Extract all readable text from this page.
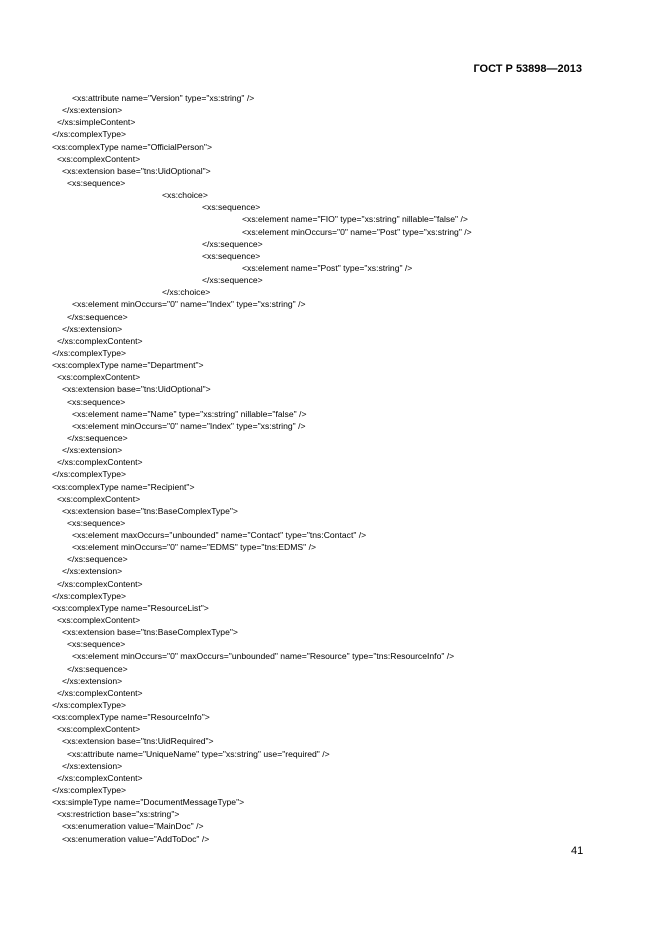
ГОСТ Р 53898—2013
<xs:attribute name="Version" type="xs:string" />
</xs:extension>
</xs:simpleContent>
</xs:complexType>
<xs:complexType name="OfficialPerson">
<xs:complexContent>
<xs:extension base="tns:UidOptional">
<xs:sequence>
<xs:choice>
<xs:sequence>
<xs:element name="FIO" type="xs:string" nillable="false" />
<xs:element minOccurs="0" name="Post" type="xs:string" />
</xs:sequence>
<xs:sequence>
<xs:element name="Post" type="xs:string" />
</xs:sequence>
</xs:choice>
<xs:element minOccurs="0" name="Index" type="xs:string" />
</xs:sequence>
</xs:extension>
</xs:complexContent>
</xs:complexType>
<xs:complexType name="Department">
<xs:complexContent>
<xs:extension base="tns:UidOptional">
<xs:sequence>
<xs:element name="Name" type="xs:string" nillable="false" />
<xs:element minOccurs="0" name="Index" type="xs:string" />
</xs:sequence>
</xs:extension>
</xs:complexContent>
</xs:complexType>
<xs:complexType name="Recipient">
<xs:complexContent>
<xs:extension base="tns:BaseComplexType">
<xs:sequence>
<xs:element maxOccurs="unbounded" name="Contact" type="tns:Contact" />
<xs:element minOccurs="0" name="EDMS" type="tns:EDMS" />
</xs:sequence>
</xs:extension>
</xs:complexContent>
</xs:complexType>
<xs:complexType name="ResourceList">
<xs:complexContent>
<xs:extension base="tns:BaseComplexType">
<xs:sequence>
<xs:element minOccurs="0" maxOccurs="unbounded" name="Resource" type="tns:ResourceInfo" />
</xs:sequence>
</xs:extension>
</xs:complexContent>
</xs:complexType>
<xs:complexType name="ResourceInfo">
<xs:complexContent>
<xs:extension base="tns:UidRequired">
<xs:attribute name="UniqueName" type="xs:string" use="required" />
</xs:extension>
</xs:complexContent>
</xs:complexType>
<xs:simpleType name="DocumentMessageType">
<xs:restriction base="xs:string">
<xs:enumeration value="MainDoc" />
<xs:enumeration value="AddToDoc" />
41
